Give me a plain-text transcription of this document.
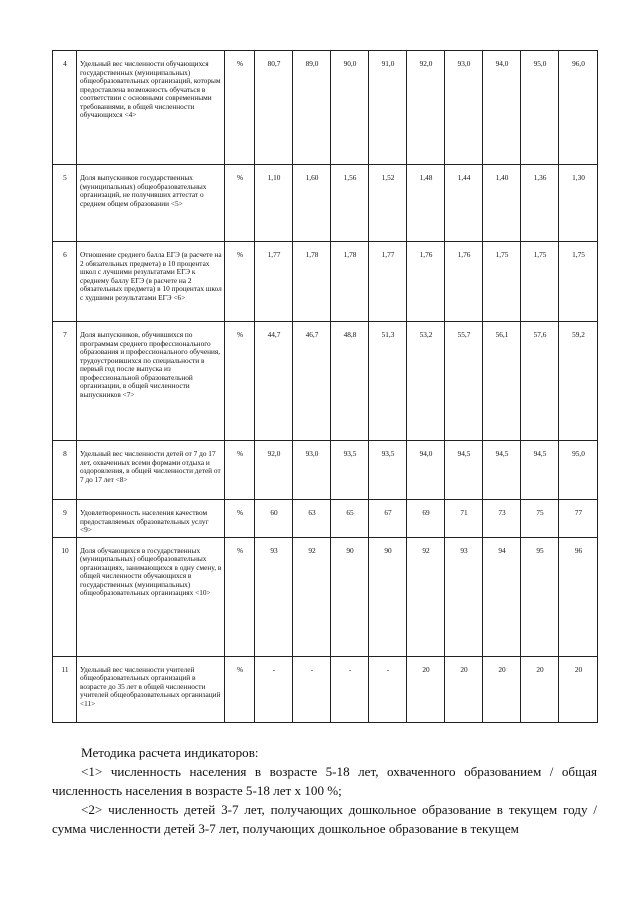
4	Удельный вес численности обучающихся государственных (муниципальных) общеобразовательных организаций, которым предоставлена возможность обучаться в соответствии с основными современными требованиями, в общей численности обучающихся <4>	%	80,7	89,0	90,0	91,0	92,0	93,0	94,0	95,0	96,0
5	Доля выпускников государственных (муниципальных) общеобразовательных организаций, не получивших аттестат о среднем общем образовании <5>	%	1,10	1,60	1,56	1,52	1,48	1,44	1,40	1,36	1,30
6	Отношение среднего балла ЕГЭ (в расчете на 2 обязательных предмета) в 10 процентах школ с лучшими результатами ЕГЭ к среднему баллу ЕГЭ (в расчете на 2 обязательных предмета) в 10 процентах школ с худшими результатами ЕГЭ <6>	%	1,77	1,78	1,78	1,77	1,76	1,76	1,75	1,75	1,75
7	Доля выпускников, обучившихся по программам среднего профессионального образования и профессионального обучения, трудоустроившихся по специальности в первый год после выпуска из профессиональной образовательной организации, в общей численности выпускников <7>	%	44,7	46,7	48,8	51,3	53,2	55,7	56,1	57,6	59,2
8	Удельный вес численности детей от 7 до 17 лет, охваченных всеми формами отдыха и оздоровления, в общей численности детей от 7 до 17 лет <8>	%	92,0	93,0	93,5	93,5	94,0	94,5	94,5	94,5	95,0
9	Удовлетворенность населения качеством предоставляемых образовательных услуг <9>	%	60	63	65	67	69	71	73	75	77
10	Доля обучающихся в государственных (муниципальных) общеобразовательных организациях, занимающихся в одну смену, в общей численности обучающихся в государственных (муниципальных) общеобразовательных организациях <10>	%	93	92	90	90	92	93	94	95	96
11	Удельный вес численности учителей общеобразовательных организаций в возрасте до 35 лет в общей численности учителей общеобразовательных организаций <11>	%	-	-	-	-	20	20	20	20	20

Методика расчета индикаторов:

<1> численность населения в возрасте 5-18 лет, охваченного образованием / общая численность населения в возрасте 5-18 лет x 100 %;

<2> численность детей 3-7 лет, получающих дошкольное образование в текущем году / сумма численности детей 3-7 лет, получающих дошкольное образование в текущем
